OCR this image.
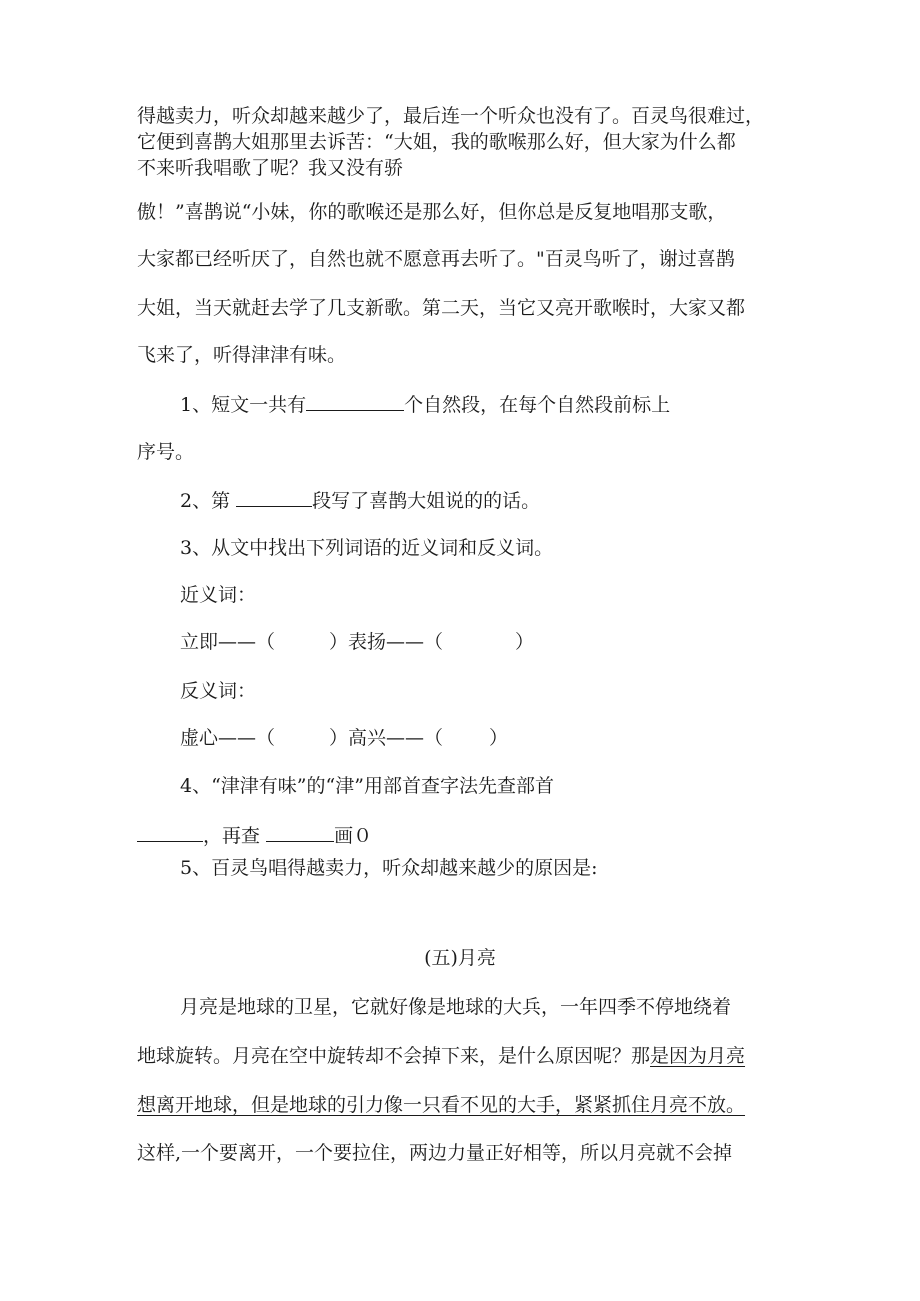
得越卖力，听众却越来越少了，最后连一个听众也没有了。百灵鸟很难过，
它便到喜鹊大姐那里去诉苦：“大姐，我的歌喉那么好，但大家为什么都
不来听我唱歌了呢？我又没有骄
傲！”喜鹊说“小妹，你的歌喉还是那么好，但你总是反复地唱那支歌，
大家都已经听厌了，自然也就不愿意再去听了。"百灵鸟听了，谢过喜鹊
大姐，当天就赶去学了几支新歌。第二天，当它又亮开歌喉时，大家又都
飞来了，听得津津有味。
1、短文一共有	个自然段，在每个自然段前标上
序号。
2、第	段写了喜鹊大姐说的的话。
3、从文中找出下列词语的近义词和反义词。
近义词：
立即——（	）表扬——（	）
反义词：
虚心——（	）高兴——（ ）
4、“津津有味”的“津”用部首查字法先查部首
，再查	画０
5、百灵鸟唱得越卖力，听众却越来越少的原因是:
(五)月亮
月亮是地球的卫星，它就好像是地球的大兵，一年四季不停地绕着
地球旋转。月亮在空中旋转却不会掉下来，是什么原因呢？那是因为月亮
想离开地球，但是地球的引力像一只看不见的大手，紧紧抓住月亮不放。
这样,一个要离开，一个要拉住，两边力量正好相等，所以月亮就不会掉
